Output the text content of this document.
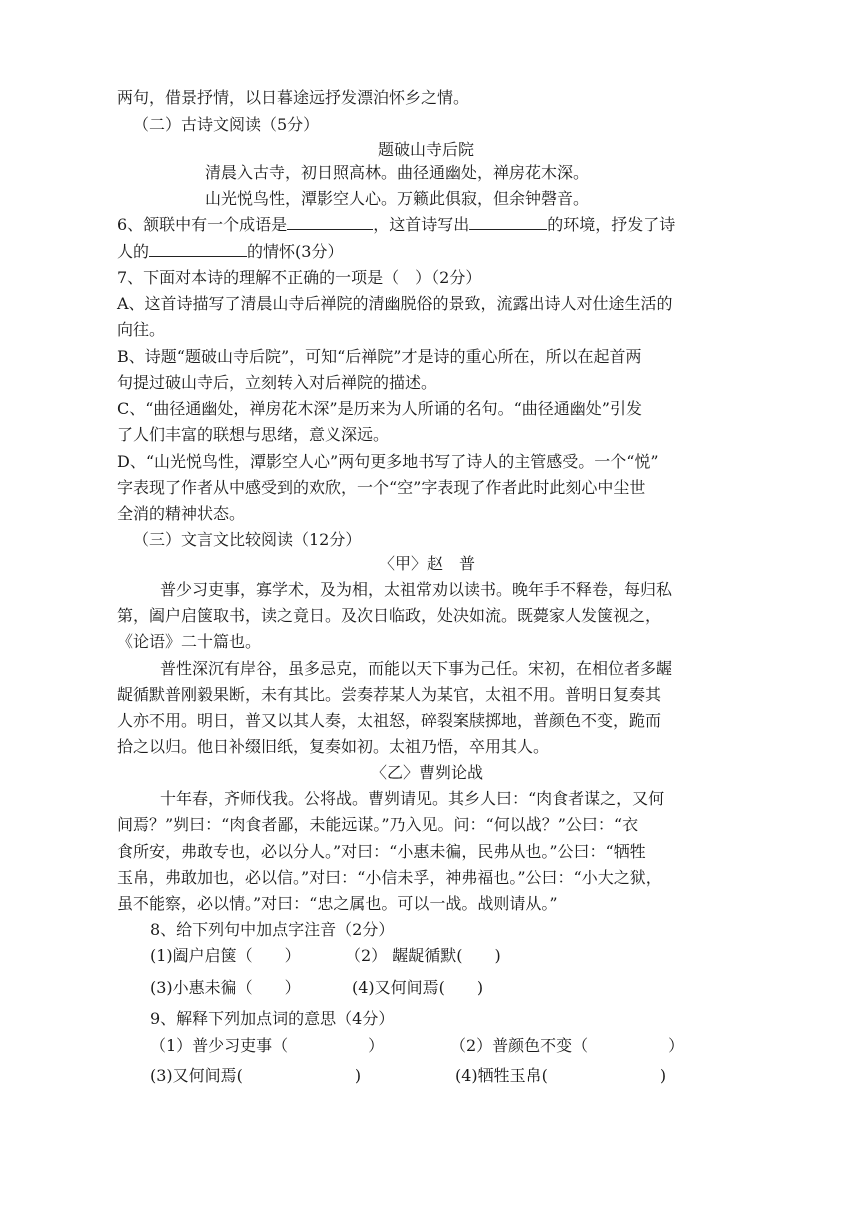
两句，借景抒情，以日暮途远抒发漂泊怀乡之情。
（二）古诗文阅读（5分）
题破山寺后院
清晨入古寺，初日照高林。曲径通幽处，禅房花木深。
山光悦鸟性，潭影空人心。万籁此俱寂，但余钟磬音。
6、颔联中有一个成语是	，这首诗写出	的环境，抒发了诗
人的	的情怀(3分）
7、下面对本诗的理解不正确的一项是（　）（2分）
A、这首诗描写了清晨山寺后禅院的清幽脱俗的景致，流露出诗人对仕途生活的
向往。
B、诗题“题破山寺后院”，可知“后禅院”才是诗的重心所在，所以在起首两
句提过破山寺后，立刻转入对后禅院的描述。
C、“曲径通幽处，禅房花木深”是历来为人所诵的名句。“曲径通幽处”引发
了人们丰富的联想与思绪，意义深远。
D、“山光悦鸟性，潭影空人心”两句更多地书写了诗人的主管感受。一个“悦”
字表现了作者从中感受到的欢欣，一个“空”字表现了作者此时此刻心中尘世
全消的精神状态。
（三）文言文比较阅读（12分）
〈甲〉赵　普
普少习吏事，寡学术，及为相，太祖常劝以读书。晚年手不释卷，每归私
第，阖户启箧取书，读之竟日。及次日临政，处决如流。既薨家人发箧视之，
《论语》二十篇也。
普性深沉有岸谷，虽多忌克，而能以天下事为己任。宋初，在相位者多龌
龊循默普刚毅果断，未有其比。尝奏荐某人为某官，太祖不用。普明日复奏其
人亦不用。明日，普又以其人奏，太祖怒，碎裂案牍掷地，普颜色不变，跪而
拾之以归。他日补缀旧纸，复奏如初。太祖乃悟，卒用其人。
〈乙〉曹刿论战
十年春，齐师伐我。公将战。曹刿请见。其乡人曰：“肉食者谋之，又何
间焉？”刿曰：“肉食者鄙，未能远谋。”乃入见。问：“何以战？”公曰：“衣
食所安，弗敢专也，必以分人。”对曰：“小惠未徧，民弗从也。”公曰：“牺牲
玉帛，弗敢加也，必以信。”对曰：“小信未孚，神弗福也。”公曰：“小大之狱，
虽不能察，必以情。”对曰：“忠之属也。可以一战。战则请从。”
8、给下列句中加点字注音（2分）
(1)阖户启箧（　　）	（2） 龌龊循默(　　)
(3)小惠未徧（　　）	(4)又何间焉(　　)
9、解释下列加点词的意思（4分）
（1）普少习吏事（　　　　　）	（2）普颜色不变（　　　　　）
(3)又何间焉(　　　　　　　)	(4)牺牲玉帛(　　　　　　　)
